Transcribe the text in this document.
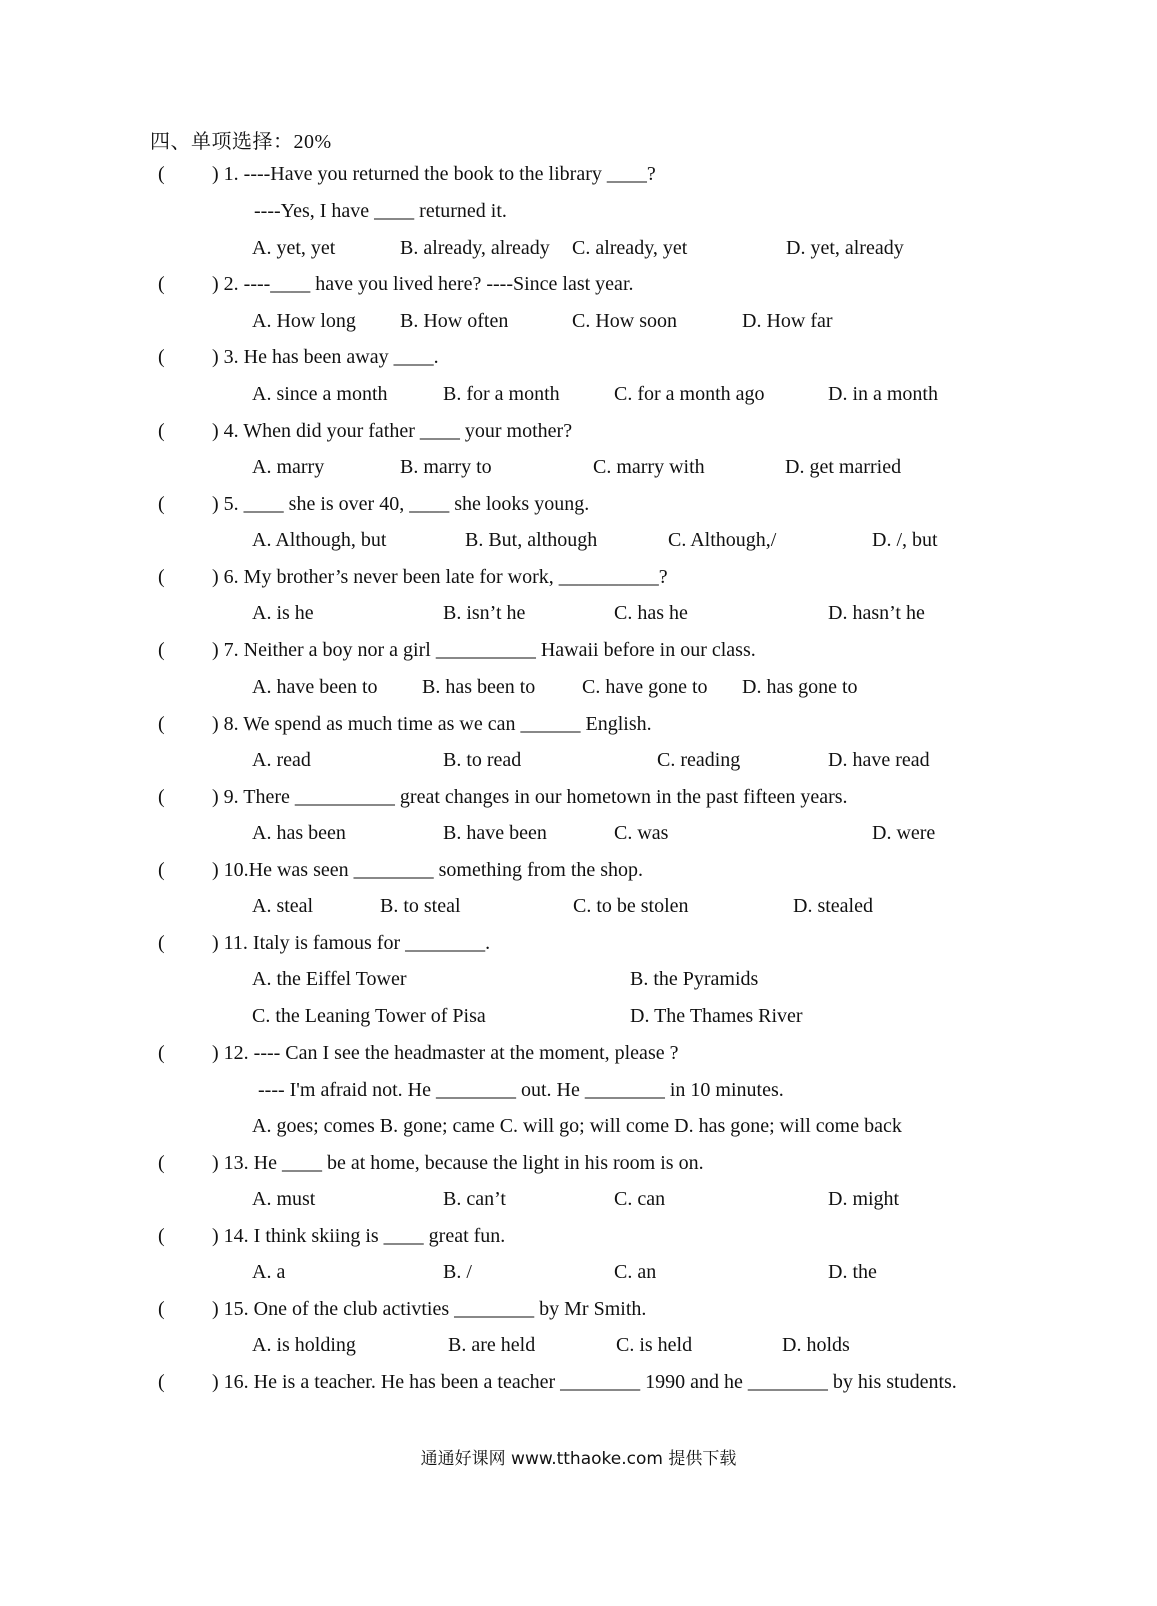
四、单项选择：20%
( ) 1. ----Have you returned the book to the library ____?
----Yes, I have ____ returned it.
A. yet, yet	B. already, already C. already, yet	D. yet, already
( ) 2. ----____ have you lived here? ----Since last year.
A. How long B. How often	C. How soon	D. How far
( ) 3. He has been away ____.
A. since a month	B. for a month	C. for a month ago	D. in a month
( ) 4. When did your father ____ your mother?
A. marry	B. marry to	C. marry with	D. get married
( ) 5. ____ she is over 40, ____ she looks young.
A. Although, but	B. But, although	C. Although,/	D. /, but
( ) 6. My brother’s never been late for work, __________?
A. is he	B. isn’t he	C. has he	D. hasn’t he
( ) 7. Neither a boy nor a girl __________ Hawaii before in our class.
A. have been to B. has been to C. have gone to D. has gone to
( ) 8. We spend as much time as we can ______ English.
A. read	B. to read	C. reading	D. have read
( ) 9. There __________ great changes in our hometown in the past fifteen years.
A. has been	B. have been	C. was	D. were
( ) 10.He was seen ________ something from the shop.
A. steal	B. to steal	C. to be stolen	D. stealed
( ) 11. Italy is famous for ________.
A. the Eiffel Tower	B. the Pyramids
C. the Leaning Tower of Pisa	D. The Thames River
( ) 12. ---- Can I see the headmaster at the moment, please ?
---- I'm afraid not. He ________ out. He ________ in 10 minutes.
A. goes; comes B. gone; came C. will go; will come D. has gone; will come back
( ) 13. He ____ be at home, because the light in his room is on.
A. must	B. can’t	C. can	D. might
( ) 14. I think skiing is ____ great fun.
A. a	B. /	C. an	D. the
( ) 15. One of the club activties ________ by Mr Smith.
A. is holding	B. are held	C. is held	D. holds
( ) 16. He is a teacher. He has been a teacher ________ 1990 and he ________ by his students.
通通好课网 www.tthaoke.com 提供下载
